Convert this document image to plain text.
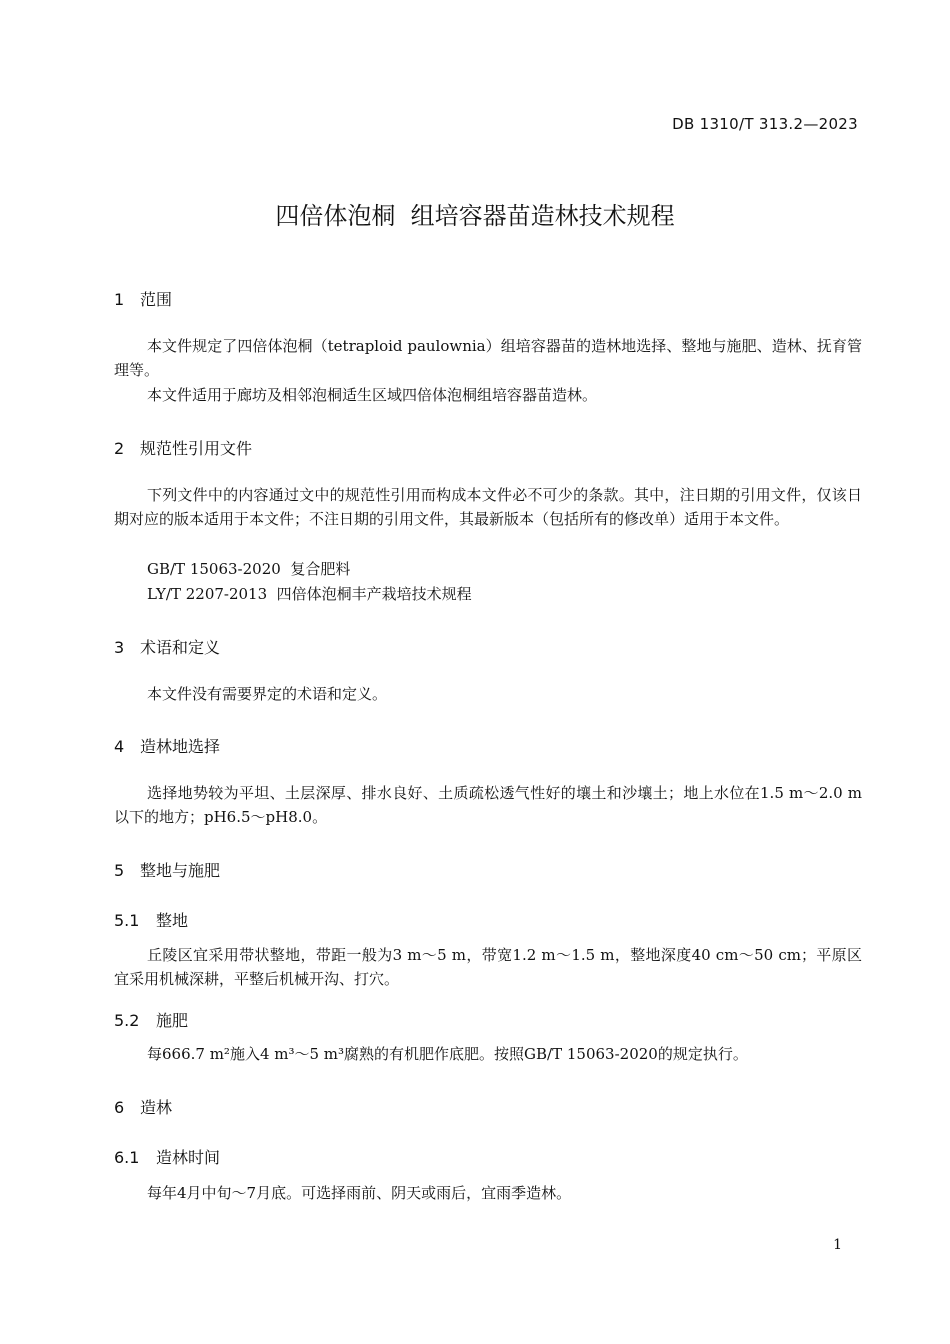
DB 1310/T 313.2—2023
四倍体泡桐  组培容器苗造林技术规程
1 范围
本文件规定了四倍体泡桐（tetraploid paulownia）组培容器苗的造林地选择、整地与施肥、造林、抚育管理等。
本文件适用于廊坊及相邻泡桐适生区域四倍体泡桐组培容器苗造林。
2 规范性引用文件
下列文件中的内容通过文中的规范性引用而构成本文件必不可少的条款。其中，注日期的引用文件，仅该日期对应的版本适用于本文件；不注日期的引用文件，其最新版本（包括所有的修改单）适用于本文件。
GB/T 15063-2020  复合肥料
LY/T 2207-2013  四倍体泡桐丰产栽培技术规程
3 术语和定义
本文件没有需要界定的术语和定义。
4 造林地选择
选择地势较为平坦、土层深厚、排水良好、土质疏松透气性好的壤土和沙壤土；地上水位在1.5 m～2.0 m以下的地方；pH6.5～pH8.0。
5 整地与施肥
5.1 整地
丘陵区宜采用带状整地，带距一般为3 m～5 m，带宽1.2 m～1.5 m，整地深度40 cm～50 cm；平原区宜采用机械深耕，平整后机械开沟、打穴。
5.2 施肥
每666.7 m²施入4 m³～5 m³腐熟的有机肥作底肥。按照GB/T 15063-2020的规定执行。
6 造林
6.1 造林时间
每年4月中旬～7月底。可选择雨前、阴天或雨后，宜雨季造林。
1
